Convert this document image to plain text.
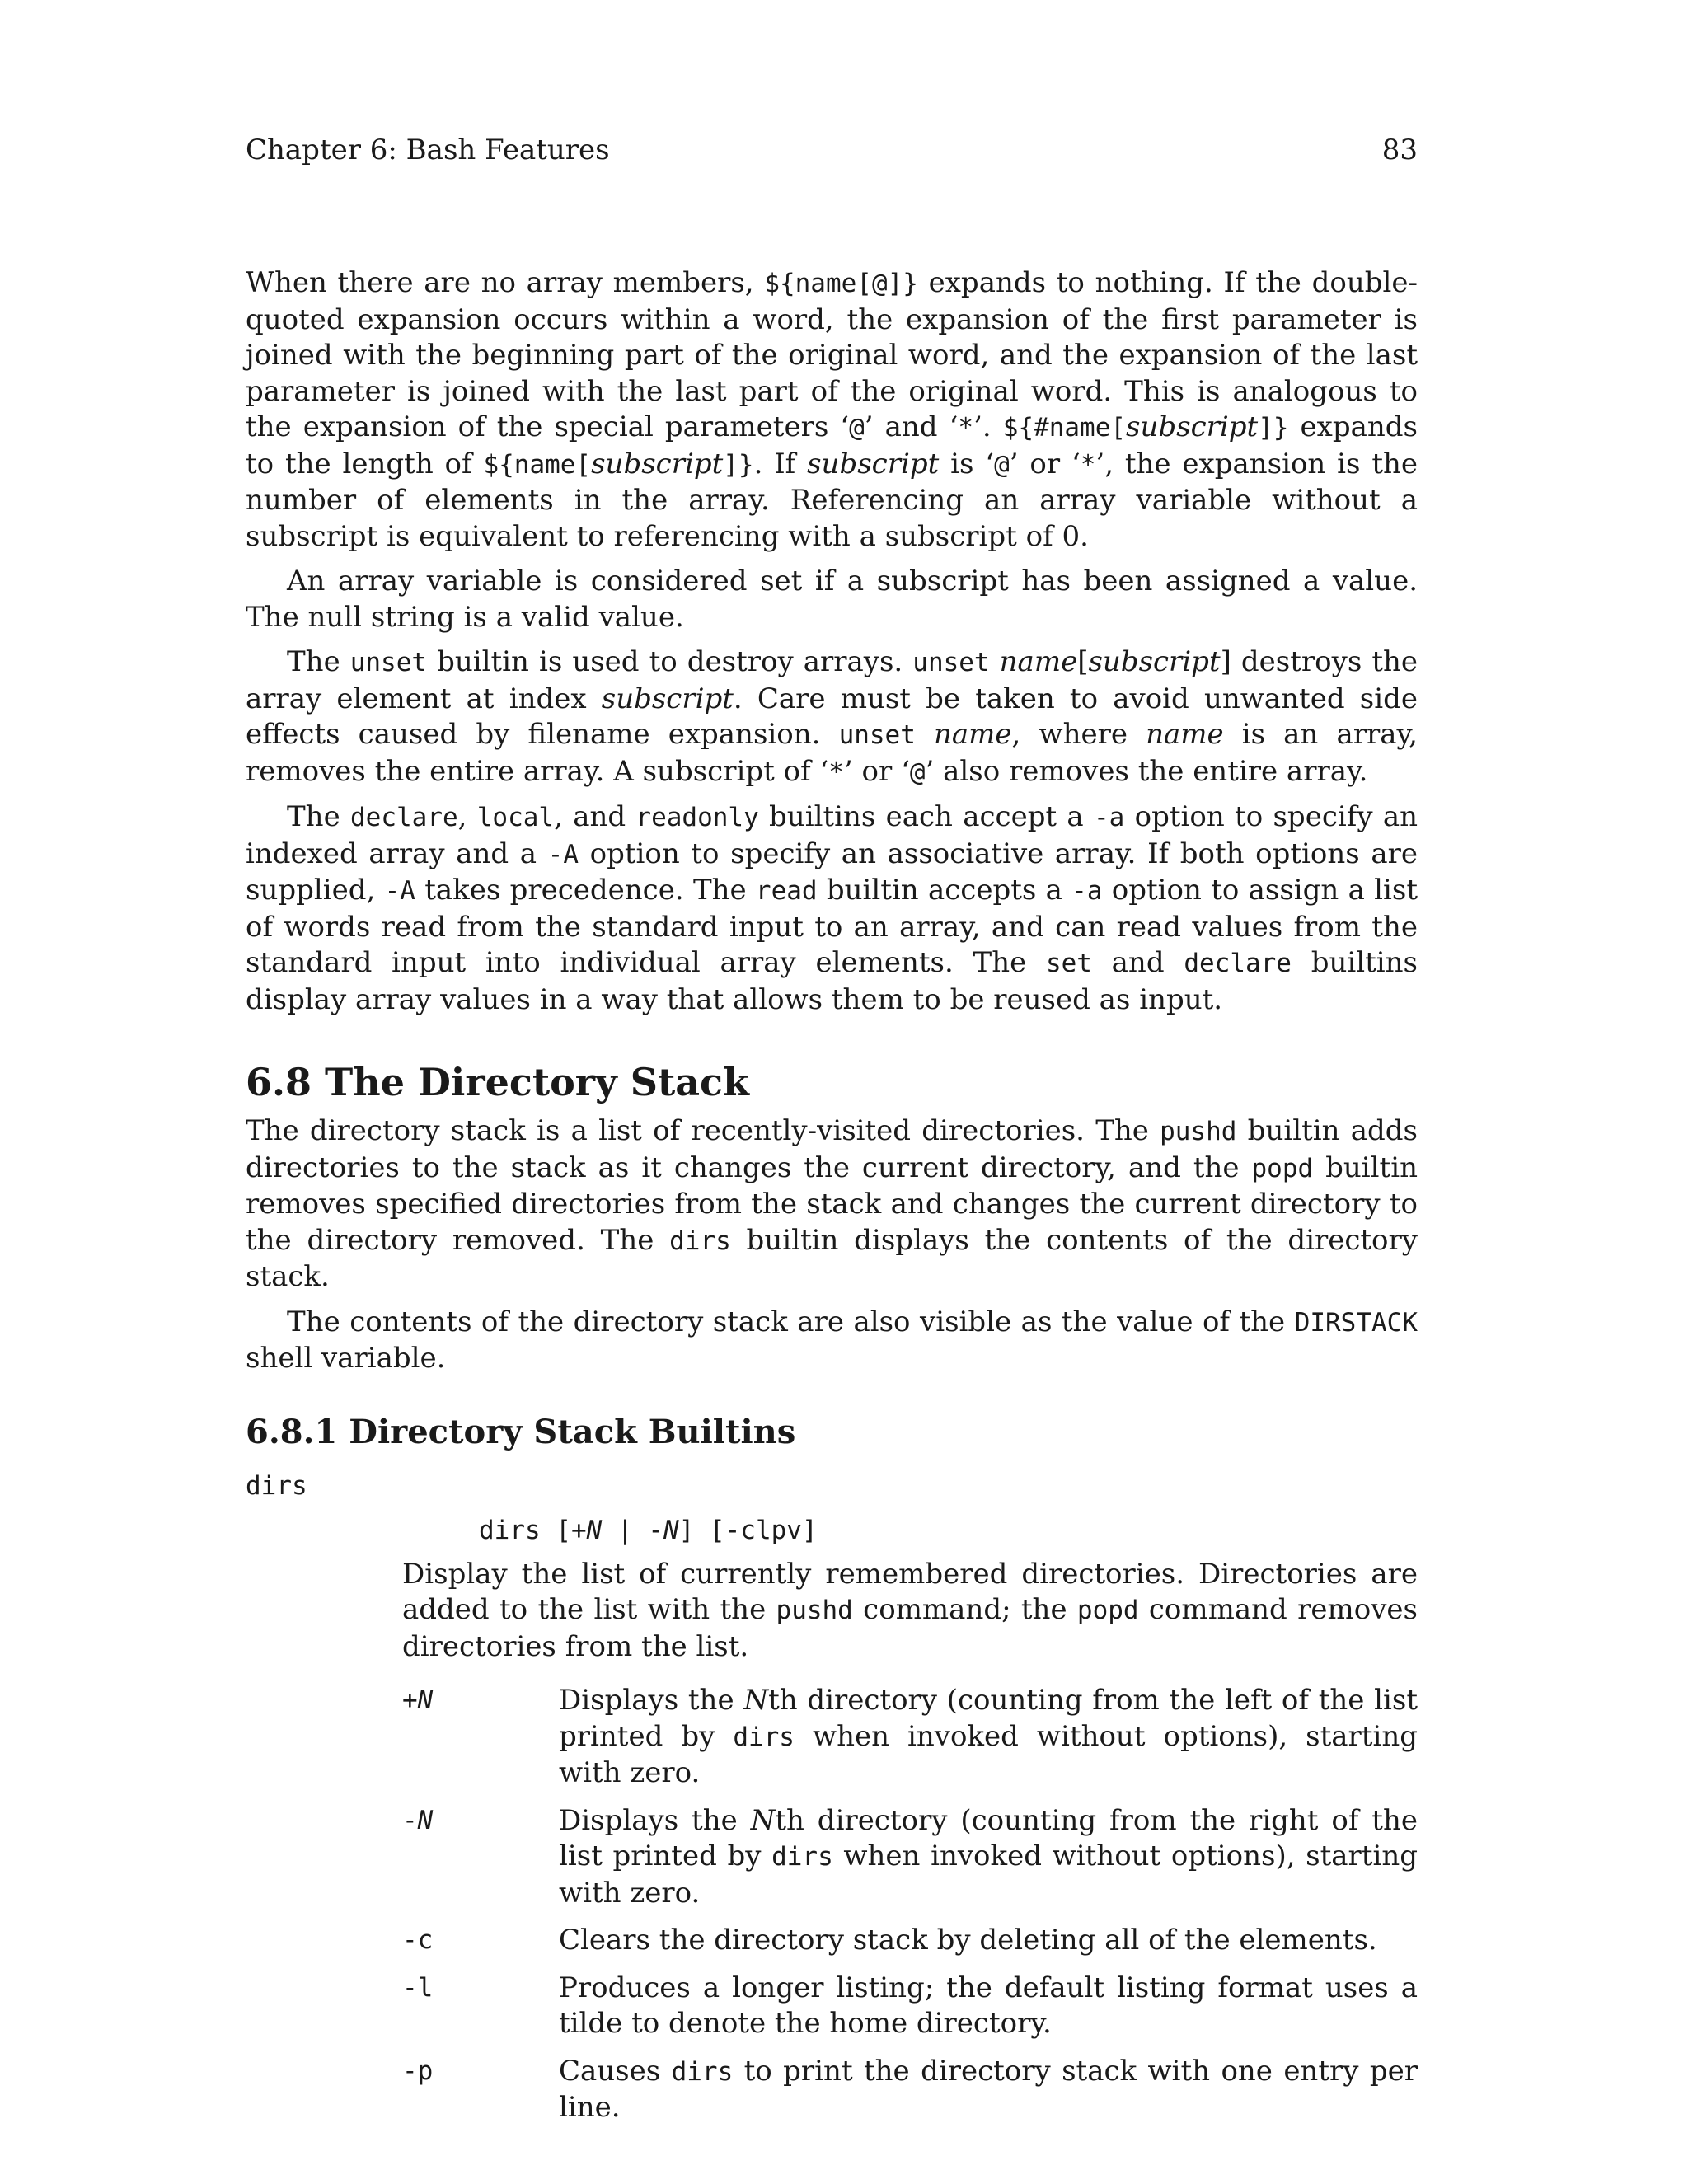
Chapter 6: Bash Features	83

When there are no array members, ${name[@]} expands to nothing. If the double-quoted expansion occurs within a word, the expansion of the first parameter is joined with the beginning part of the original word, and the expansion of the last parameter is joined with the last part of the original word. This is analogous to the expansion of the special parameters ‘@’ and ‘*’. ${#name[subscript]} expands to the length of ${name[subscript]}. If subscript is ‘@’ or ‘*’, the expansion is the number of elements in the array. Referencing an array variable without a subscript is equivalent to referencing with a subscript of 0.

An array variable is considered set if a subscript has been assigned a value. The null string is a valid value.

The unset builtin is used to destroy arrays. unset name[subscript] destroys the array element at index subscript. Care must be taken to avoid unwanted side effects caused by filename expansion. unset name, where name is an array, removes the entire array. A subscript of ‘*’ or ‘@’ also removes the entire array.

The declare, local, and readonly builtins each accept a -a option to specify an indexed array and a -A option to specify an associative array. If both options are supplied, -A takes precedence. The read builtin accepts a -a option to assign a list of words read from the standard input to an array, and can read values from the standard input into individual array elements. The set and declare builtins display array values in a way that allows them to be reused as input.

6.8 The Directory Stack

The directory stack is a list of recently-visited directories. The pushd builtin adds directories to the stack as it changes the current directory, and the popd builtin removes specified directories from the stack and changes the current directory to the directory removed. The dirs builtin displays the contents of the directory stack.

The contents of the directory stack are also visible as the value of the DIRSTACK shell variable.

6.8.1 Directory Stack Builtins
dirs
dirs [+N | -N] [-clpv]

Display the list of currently remembered directories. Directories are added to the list with the pushd command; the popd command removes directories from the list.

+N	Displays the Nth directory (counting from the left of the list printed by dirs when invoked without options), starting with zero.

-N	Displays the Nth directory (counting from the right of the list printed by dirs when invoked without options), starting with zero.

-c	Clears the directory stack by deleting all of the elements.

-l	Produces a longer listing; the default listing format uses a tilde to denote the home directory.

-p	Causes dirs to print the directory stack with one entry per line.
